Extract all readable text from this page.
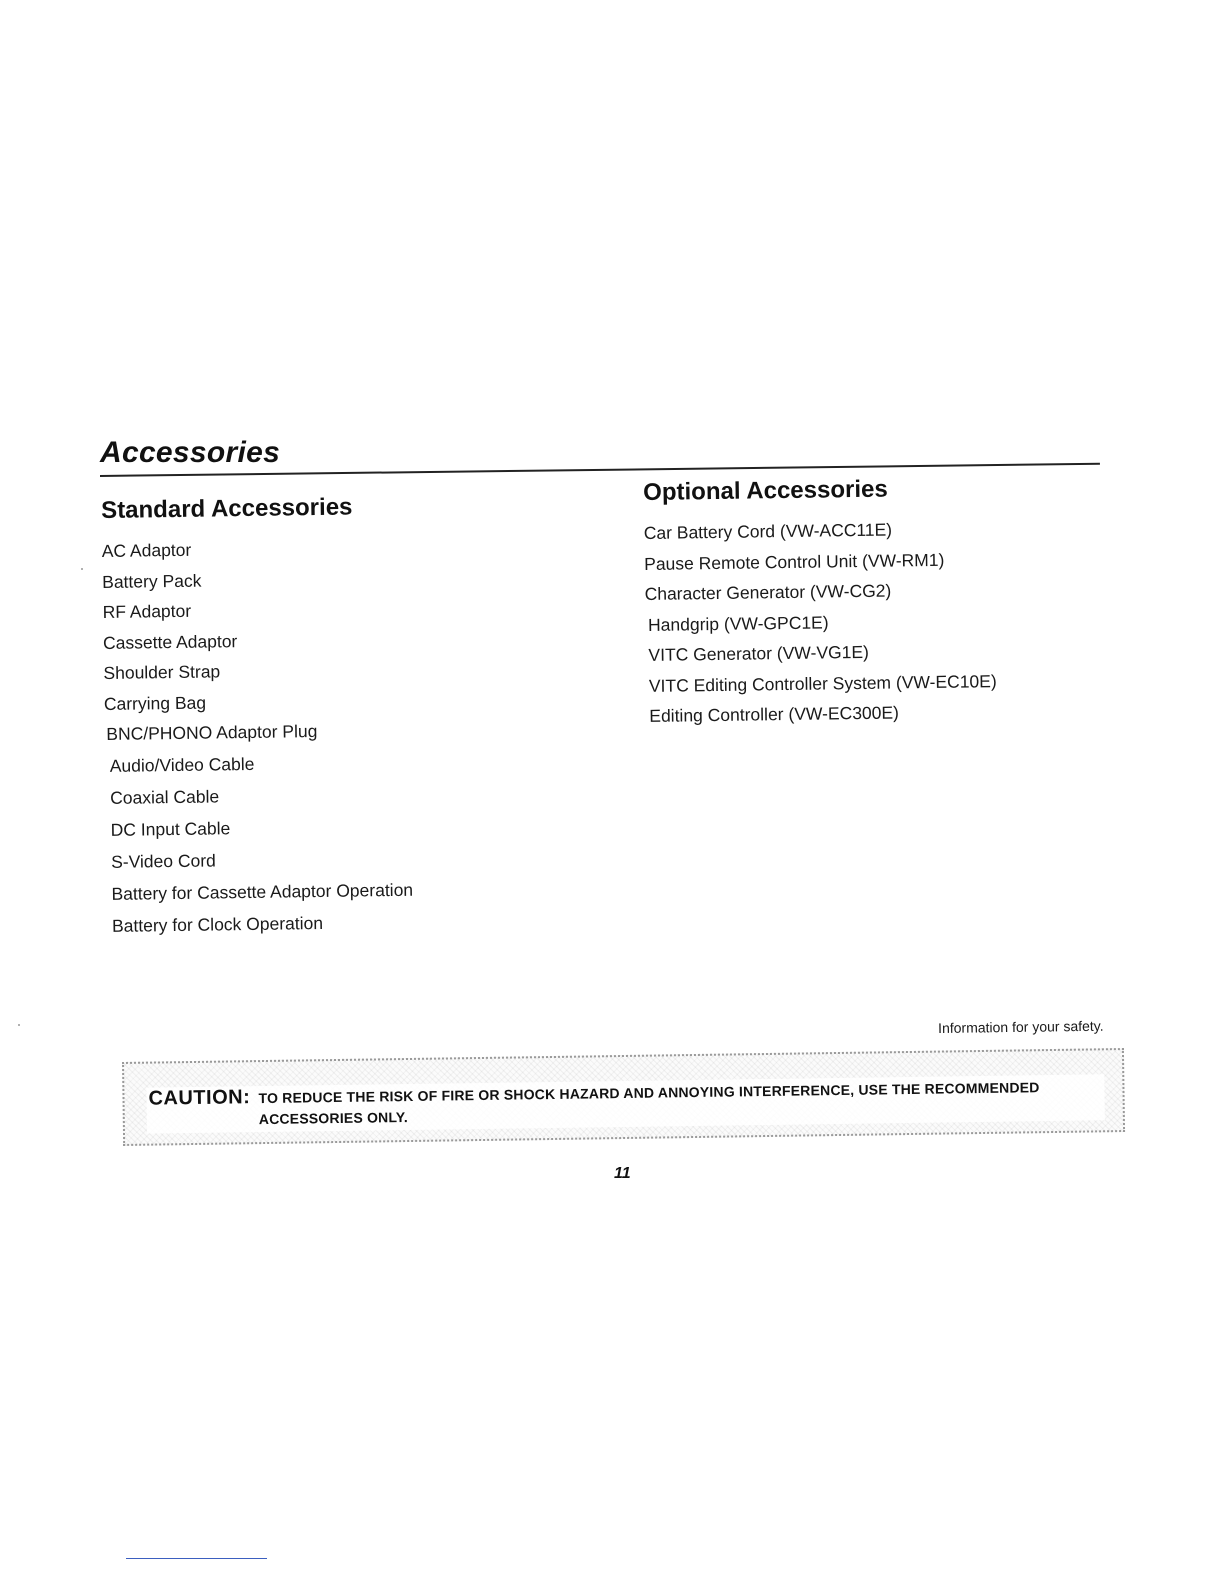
Accessories
Standard Accessories
AC Adaptor
Battery Pack
RF Adaptor
Cassette Adaptor
Shoulder Strap
Carrying Bag
BNC/PHONO Adaptor Plug
Audio/Video Cable
Coaxial Cable
DC Input Cable
S-Video Cord
Battery for Cassette Adaptor Operation
Battery for Clock Operation
Optional Accessories
Car Battery Cord (VW-ACC11E)
Pause Remote Control Unit (VW-RM1)
Character Generator (VW-CG2)
Handgrip (VW-GPC1E)
VITC Generator (VW-VG1E)
VITC Editing Controller System (VW-EC10E)
Editing Controller (VW-EC300E)
Information for your safety.
CAUTION: TO REDUCE THE RISK OF FIRE OR SHOCK HAZARD AND ANNOYING INTERFERENCE, USE THE RECOMMENDED ACCESSORIES ONLY.
11
